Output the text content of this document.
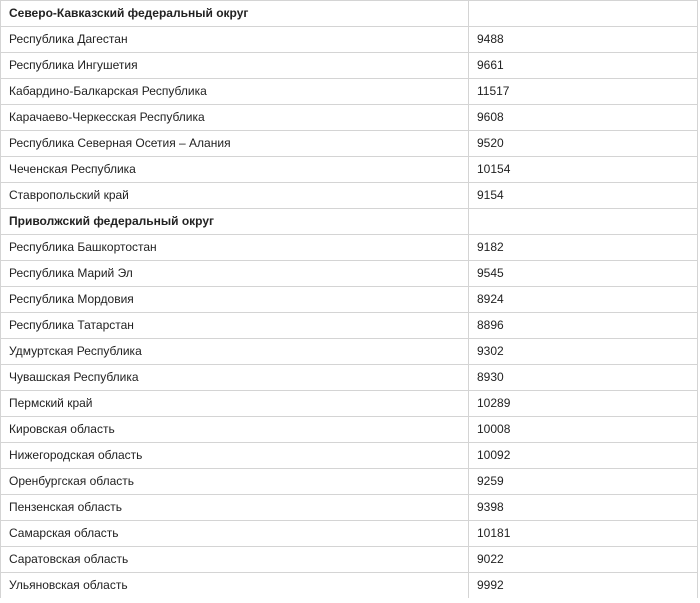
Северо-Кавказский федеральный округ	
Республика Дагестан	9488
Республика Ингушетия	9661
Кабардино-Балкарская Республика	11517
Карачаево-Черкесская Республика	9608
Республика Северная Осетия – Алания	9520
Чеченская Республика	10154
Ставропольский край	9154
Приволжский федеральный округ	
Республика Башкортостан	9182
Республика Марий Эл	9545
Республика Мордовия	8924
Республика Татарстан	8896
Удмуртская Республика	9302
Чувашская Республика	8930
Пермский край	10289
Кировская область	10008
Нижегородская область	10092
Оренбургская область	9259
Пензенская область	9398
Самарская область	10181
Саратовская область	9022
Ульяновская область	9992
